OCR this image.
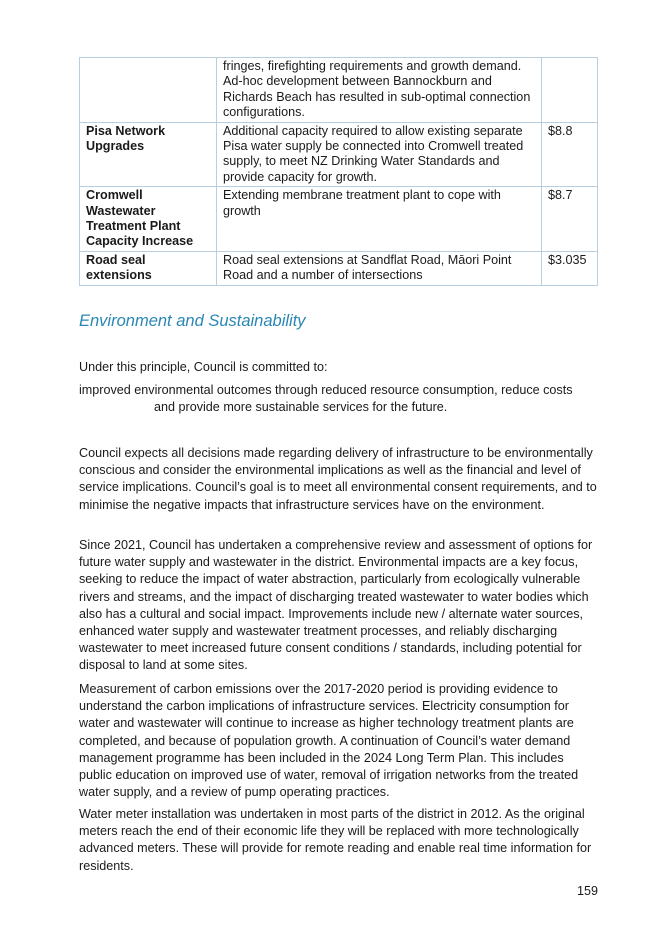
	fringes, firefighting requirements and growth demand. Ad-hoc development between Bannockburn and Richards Beach has resulted in sub-optimal connection configurations.	
Pisa Network Upgrades	Additional capacity required to allow existing separate Pisa water supply be connected into Cromwell treated supply, to meet NZ Drinking Water Standards and provide capacity for growth.	$8.8
Cromwell Wastewater Treatment Plant Capacity Increase	Extending membrane treatment plant to cope with growth	$8.7
Road seal extensions	Road seal extensions at Sandflat Road, Māori Point Road and a number of intersections	$3.035
Environment and Sustainability

Under this principle, Council is committed to:

improved environmental outcomes through reduced resource consumption, reduce costs
and provide more sustainable services for the future.

Council expects all decisions made regarding delivery of infrastructure to be environmentally conscious and consider the environmental implications as well as the financial and level of service implications. Council’s goal is to meet all environmental consent requirements, and to minimise the negative impacts that infrastructure services have on the environment.

Since 2021, Council has undertaken a comprehensive review and assessment of options for future water supply and wastewater in the district. Environmental impacts are a key focus, seeking to reduce the impact of water abstraction, particularly from ecologically vulnerable rivers and streams, and the impact of discharging treated wastewater to water bodies which also has a cultural and social impact. Improvements include new / alternate water sources, enhanced water supply and wastewater treatment processes, and reliably discharging wastewater to meet increased future consent conditions / standards, including potential for disposal to land at some sites.

Measurement of carbon emissions over the 2017-2020 period is providing evidence to understand the carbon implications of infrastructure services. Electricity consumption for water and wastewater will continue to increase as higher technology treatment plants are completed, and because of population growth. A continuation of Council’s water demand management programme has been included in the 2024 Long Term Plan. This includes public education on improved use of water, removal of irrigation networks from the treated water supply, and a review of pump operating practices.

Water meter installation was undertaken in most parts of the district in 2012. As the original meters reach the end of their economic life they will be replaced with more technologically advanced meters. These will provide for remote reading and enable real time information for residents.

159
